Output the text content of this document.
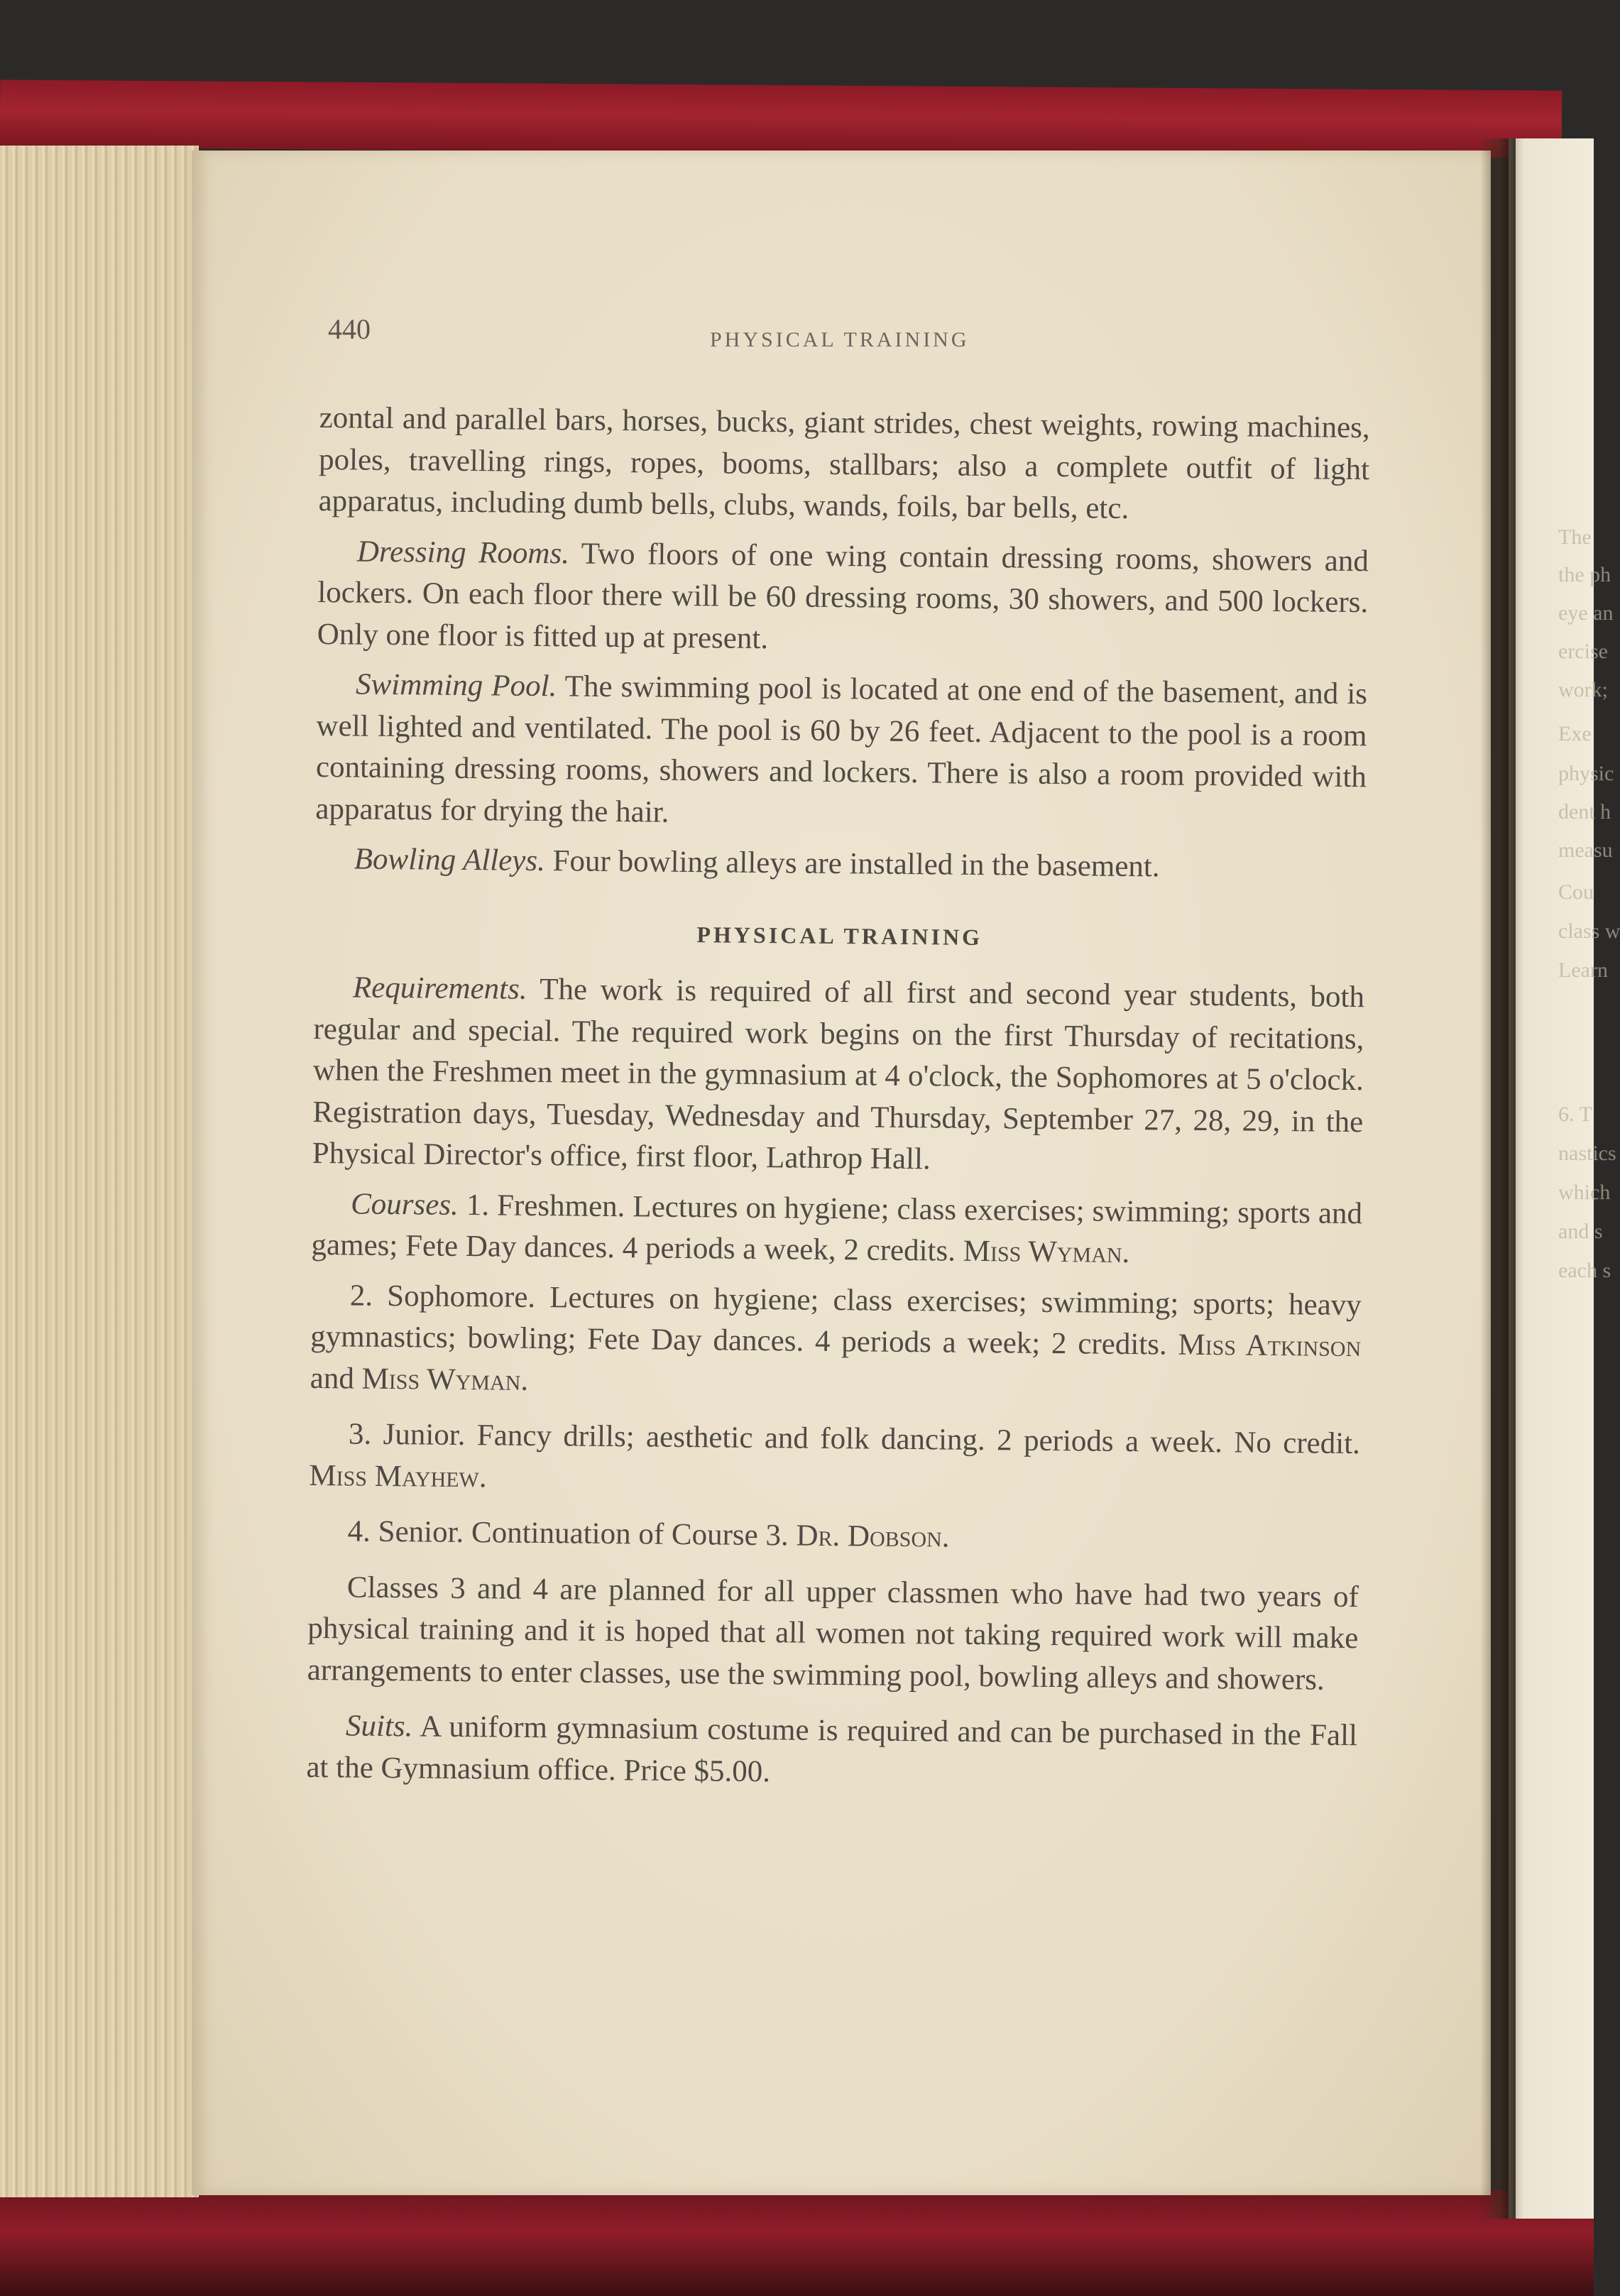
The
the ph
eye an
ercise
work;
Exe
physic
dent h
measu
Cou
class w
Learn
6. T
nastics
which
and s
each s
440	PHYSICAL TRAINING

zontal and parallel bars, horses, bucks, giant strides, chest weights, rowing machines, poles, travelling rings, ropes, booms, stallbars; also a complete outfit of light apparatus, including dumb bells, clubs, wands, foils, bar bells, etc.

Dressing Rooms. Two floors of one wing contain dressing rooms, showers and lockers. On each floor there will be 60 dressing rooms, 30 showers, and 500 lockers. Only one floor is fitted up at present.

Swimming Pool. The swimming pool is located at one end of the basement, and is well lighted and ventilated. The pool is 60 by 26 feet. Adjacent to the pool is a room containing dressing rooms, showers and lockers. There is also a room provided with apparatus for drying the hair.

Bowling Alleys. Four bowling alleys are installed in the basement.

PHYSICAL TRAINING

Requirements. The work is required of all first and second year students, both regular and special. The required work begins on the first Thursday of recitations, when the Freshmen meet in the gymnasium at 4 o'clock, the Sophomores at 5 o'clock. Registration days, Tuesday, Wednesday and Thursday, September 27, 28, 29, in the Physical Director's office, first floor, Lathrop Hall.

Courses. 1. Freshmen. Lectures on hygiene; class exercises; swimming; sports and games; Fete Day dances. 4 periods a week, 2 credits. Miss Wyman.

2. Sophomore. Lectures on hygiene; class exercises; swimming; sports; heavy gymnastics; bowling; Fete Day dances. 4 periods a week; 2 credits. Miss Atkinson and Miss Wyman.

3. Junior. Fancy drills; aesthetic and folk dancing. 2 periods a week. No credit. Miss Mayhew.

4. Senior. Continuation of Course 3. Dr. Dobson.

Classes 3 and 4 are planned for all upper classmen who have had two years of physical training and it is hoped that all women not taking required work will make arrangements to enter classes, use the swimming pool, bowling alleys and showers.

Suits. A uniform gymnasium costume is required and can be purchased in the Fall at the Gymnasium office. Price $5.00.
